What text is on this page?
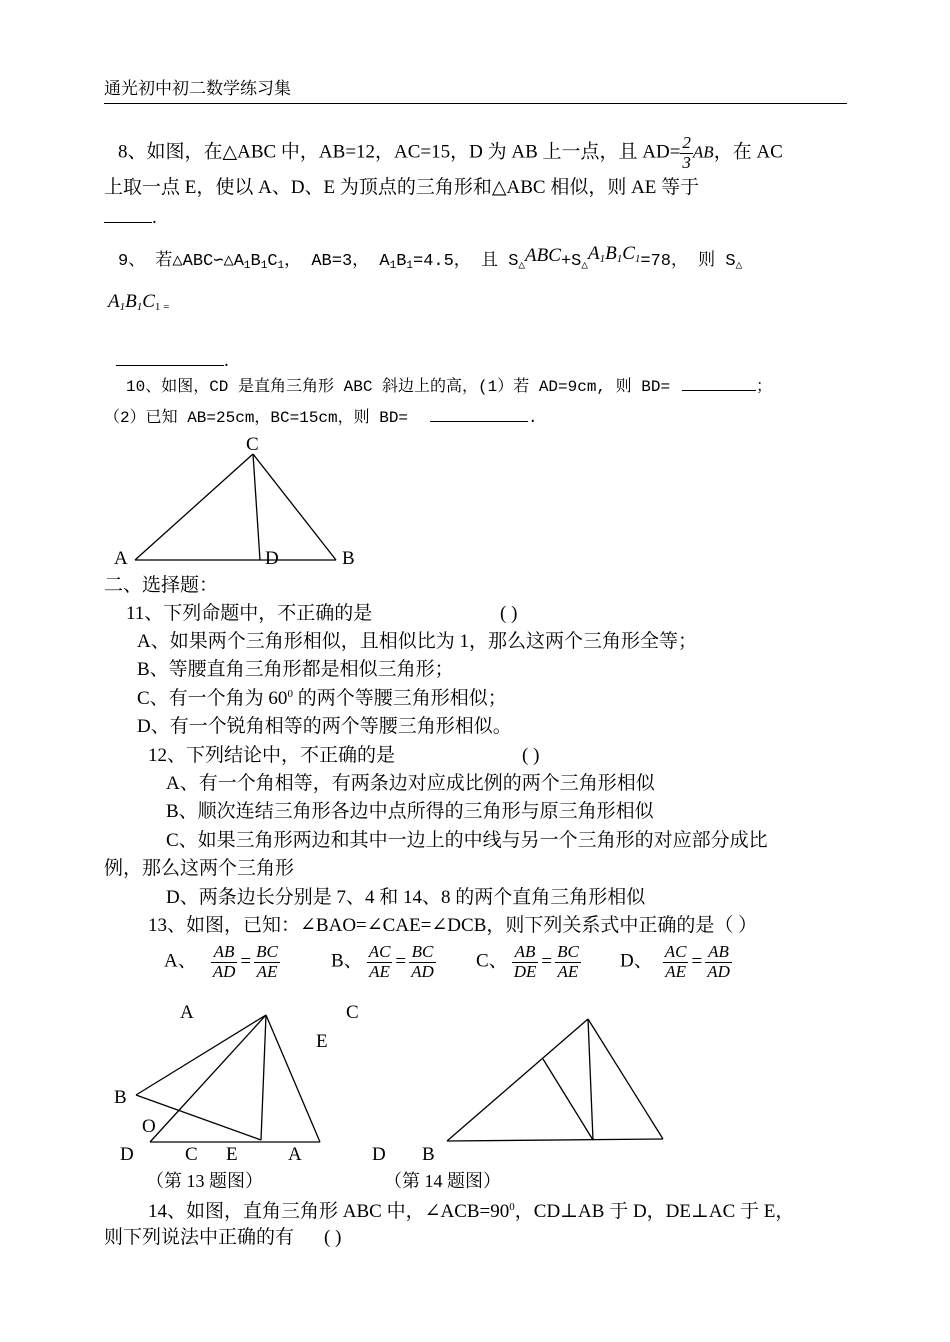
通光初中初二数学练习集
8、如图，在△ABC 中，AB=12，AC=15，D 为 AB 上一点，且 $AD= \frac{2}{3}$ AB，在 AC
上取一点 E，使以 A、D、E 为顶点的三角形和△ABC 相似，则 AE 等于
.
9、 若$\triangle ABC∽\triangle A_1B_1C_1$， AB=3， $A_1B_1=4.5$， 且 $S_\triangle ABC+S_\triangle A_1B_1C_1=78$， 则 $S_\triangle$
$A_1B_1C_{1 =}$
.
10、如图，CD 是直角三角形 ABC 斜边上的高，(1）若 AD=9cm, 则 BD=	；
（2）已知 AB=25cm，BC=15cm，则 BD=	.
C
A	D	B
二、选择题：
11、下列命题中，不正确的是	( )
A、如果两个三角形相似，且相似比为 1，那么这两个三角形全等；
B、等腰直角三角形都是相似三角形；
C、有一个角为 $60^0$ 的两个等腰三角形相似；
D、有一个锐角相等的两个等腰三角形相似。
12、下列结论中，不正确的是	( )
A、有一个角相等，有两条边对应成比例的两个三角形相似
B、顺次连结三角形各边中点所得的三角形与原三角形相似
C、如果三角形两边和其中一边上的中线与另一个三角形的对应部分成比
例，那么这两个三角形
D、两条边长分别是 7、4 和 14、8 的两个直角三角形相似
13、如图，已知：∠BAO=∠CAE=∠DCB，则下列关系式中正确的是（ ）
A、 $\frac{AB}{AD} = \frac{BC}{AE}$	B、 $\frac{AC}{AE} = \frac{BC}{AD}$ C、 $\frac{AB}{DE} = \frac{BC}{AE}$ D、 $\frac{AC}{AE} = \frac{AB}{AD}$
A	C
E
B
O
D	C E	A	D B
（第 13 题图）	（第 14 题图）
14、如图，直角三角形 ABC 中，$\angle ACB=90^0$，CD⊥AB 于 D，DE⊥AC 于 E，
则下列说法中正确的有 ( )
